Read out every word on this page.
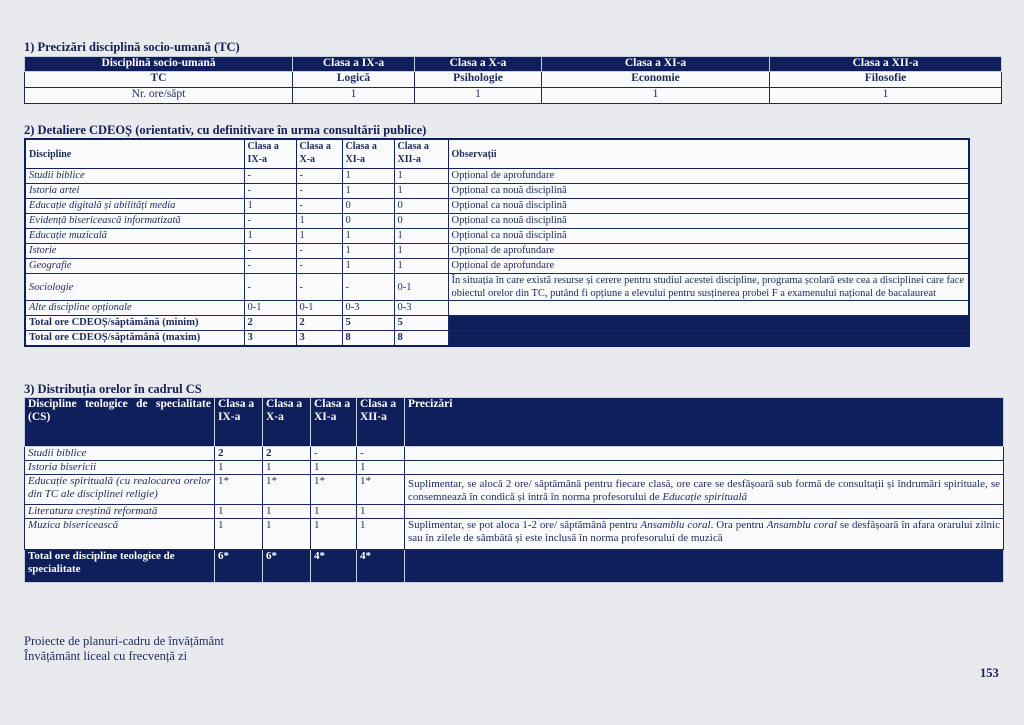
1) Precizări disciplină socio-umană (TC)
Disciplină socio-umană	Clasa a IX-a	Clasa a X-a	Clasa a XI-a	Clasa a XII-a
TC	Logică	Psihologie	Economie	Filosofie
Nr. ore/săpt	1	1	1	1
2) Detaliere CDEOȘ (orientativ, cu definitivare în urma consultării publice)
Discipline	Clasa a IX-a	Clasa a X-a	Clasa a XI-a	Clasa a XII-a	Observații
Studii biblice	-	-	1	1	Opțional de aprofundare
Istoria artei	-	-	1	1	Opțional ca nouă disciplină
Educație digitală și abilități media	1	-	0	0	Opțional ca nouă disciplină
Evidență bisericească informatizată	-	1	0	0	Opțional ca nouă disciplină
Educație muzicală	1	1	1	1	Opțional ca nouă disciplină
Istorie	-	-	1	1	Opțional de aprofundare
Geografie	-	-	1	1	Opțional de aprofundare
Sociologie	-	-	-	0-1	În situația în care există resurse și cerere pentru studiul acestei discipline, programa școlară este cea a disciplinei care face obiectul orelor din TC, putând fi opțiune a elevului pentru susținerea probei F a examenului național de bacalaureat
Alte discipline opționale	0-1	0-1	0-3	0-3	
Total ore CDEOȘ/săptămână (minim)	2	2	5	5	
Total ore CDEOȘ/săptămână (maxim)	3	3	8	8	
3) Distribuția orelor în cadrul CS
Discipline teologice de specialitate (CS)	Clasa a IX-a	Clasa a X-a	Clasa a XI-a	Clasa a XII-a	Precizări
Studii biblice	2	2	-	-	
Istoria bisericii	1	1	1	1	
Educație spirituală (cu realocarea orelor din TC ale disciplinei religie)	1*	1*	1*	1*	Suplimentar, se alocă 2 ore/ săptămână pentru fiecare clasă, ore care se desfășoară sub formă de consultații și îndrumări spirituale, se consemnează în condică și intră în norma profesorului de Educație spirituală
Literatura creștină reformată	1	1	1	1	
Muzica bisericească	1	1	1	1	Suplimentar, se pot aloca 1-2 ore/ săptămână pentru Ansamblu coral. Ora pentru Ansamblu coral se desfășoară în afara orarului zilnic sau în zilele de sâmbătă și este inclusă în norma profesorului de muzică
Total ore discipline teologice de specialitate	6*	6*	4*	4*	
Proiecte de planuri-cadru de învățământ
Învățământ liceal cu frecvență zi
153
